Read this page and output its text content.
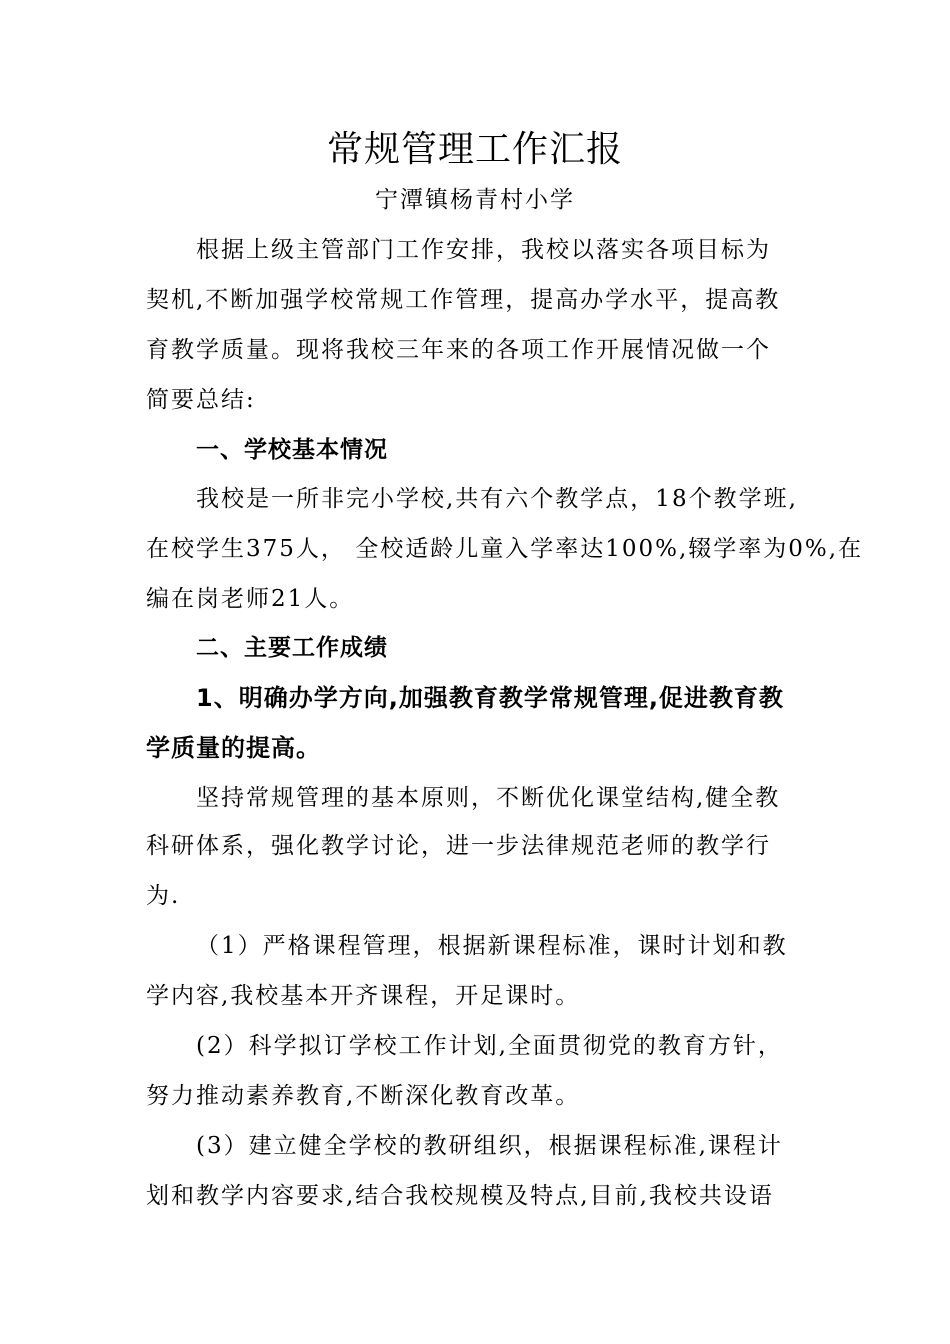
常规管理工作汇报
宁潭镇杨青村小学
根据上级主管部门工作安排，我校以落实各项目标为
契机,不断加强学校常规工作管理，提高办学水平，提高教
育教学质量。现将我校三年来的各项工作开展情况做一个
简要总结:
一、学校基本情况
我校是一所非完小学校,共有六个教学点，18个教学班,
在校学生375人， 全校适龄儿童入学率达100%,辍学率为0%,在
编在岗老师21人。
二、主要工作成绩
1、明确办学方向,加强教育教学常规管理,促进教育教
学质量的提高。
坚持常规管理的基本原则，不断优化课堂结构,健全教
科研体系，强化教学讨论，进一步法律规范老师的教学行
为.
（1）严格课程管理，根据新课程标准，课时计划和教
学内容,我校基本开齐课程，开足课时。
(2）科学拟订学校工作计划,全面贯彻党的教育方针，
努力推动素养教育,不断深化教育改革。
(3）建立健全学校的教研组织，根据课程标准,课程计
划和教学内容要求,结合我校规模及特点,目前,我校共设语
